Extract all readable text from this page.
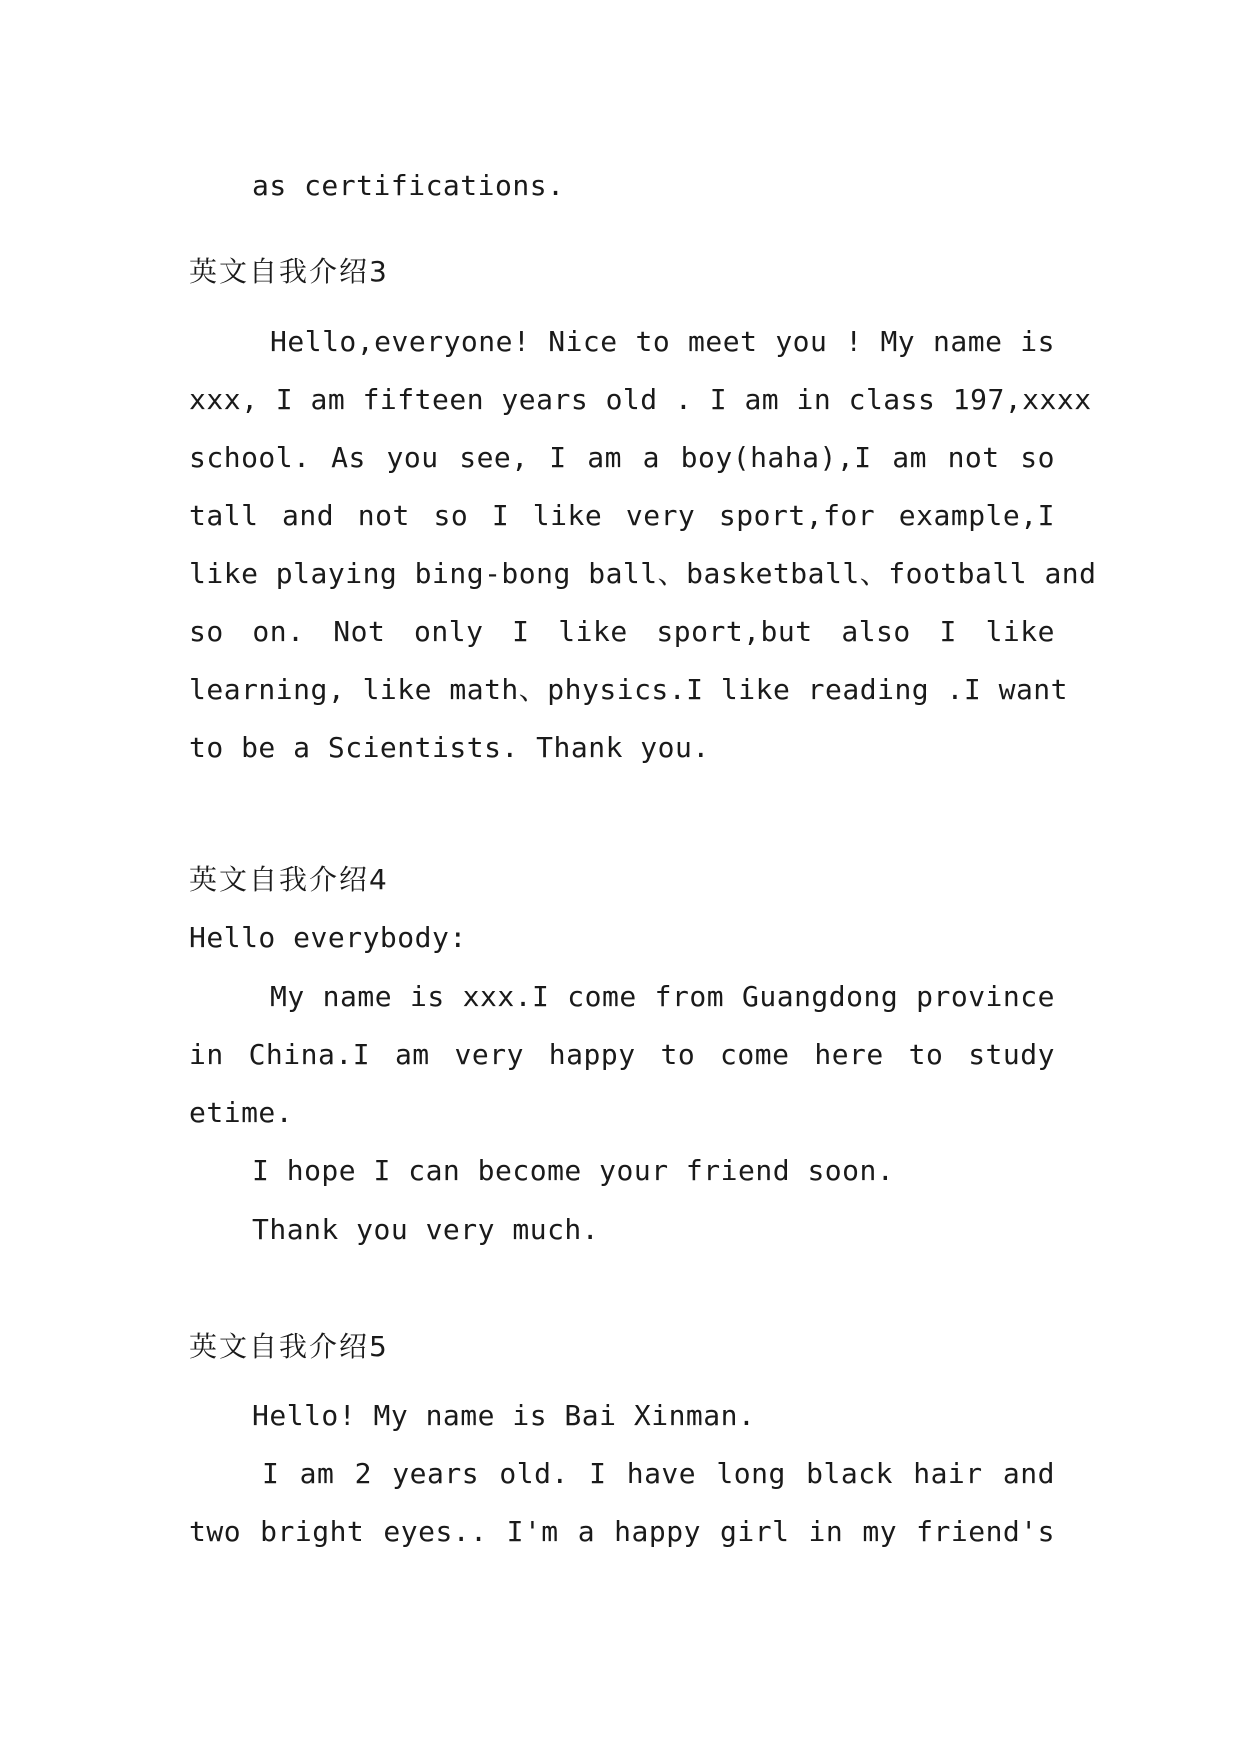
as certifications.
英文自我介绍3
Hello,everyone! Nice to meet you ! My name is
xxx, I am fifteen years old . I am in class 197,xxxx
school. As you see, I am a boy(haha),I am not so
tall and not so I like very sport,for example,I
like playing bing-bong ball、basketball、football and
so on. Not only I like sport,but also I like
learning, like math、physics.I like reading .I want
to be a Scientists. Thank you.
英文自我介绍4
Hello everybody:
My name is xxx.I come from Guangdong province
in China.I am very happy to come here to study
etime.
I hope I can become your friend soon.
Thank you very much.
英文自我介绍5
Hello! My name is Bai Xinman.
I am 2 years old. I have long black hair and
two bright eyes.. I'm a happy girl in my friend's
